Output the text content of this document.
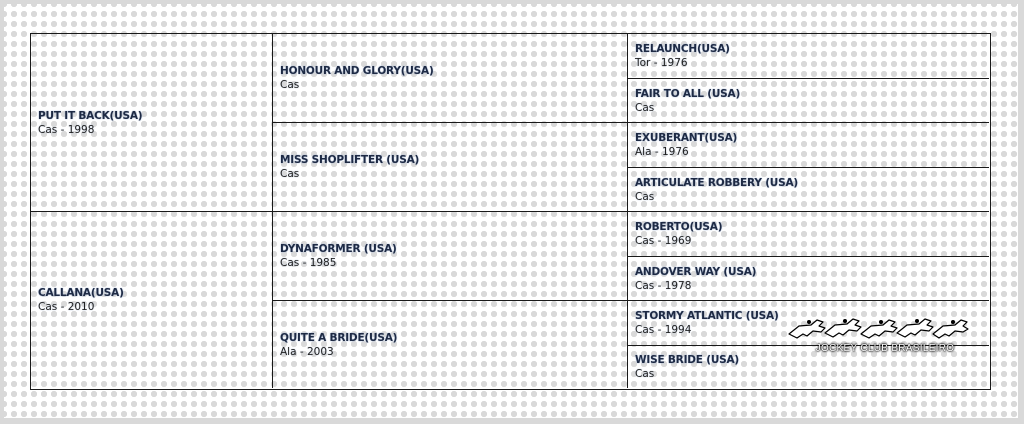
PUT IT BACK(USA)
Cas - 1998
CALLANA(USA)
Cas - 2010
HONOUR AND GLORY(USA)
Cas
MISS SHOPLIFTER (USA)
Cas
DYNAFORMER (USA)
Cas - 1985
QUITE A BRIDE(USA)
Ala - 2003
RELAUNCH(USA)
Tor - 1976
FAIR TO ALL (USA)
Cas
EXUBERANT(USA)
Ala - 1976
ARTICULATE ROBBERY (USA)
Cas
ROBERTO(USA)
Cas - 1969
ANDOVER WAY (USA)
Cas - 1978
STORMY ATLANTIC (USA)
Cas - 1994
WISE BRIDE (USA)
Cas
JOCKEY CLUB BRASILEIRO
